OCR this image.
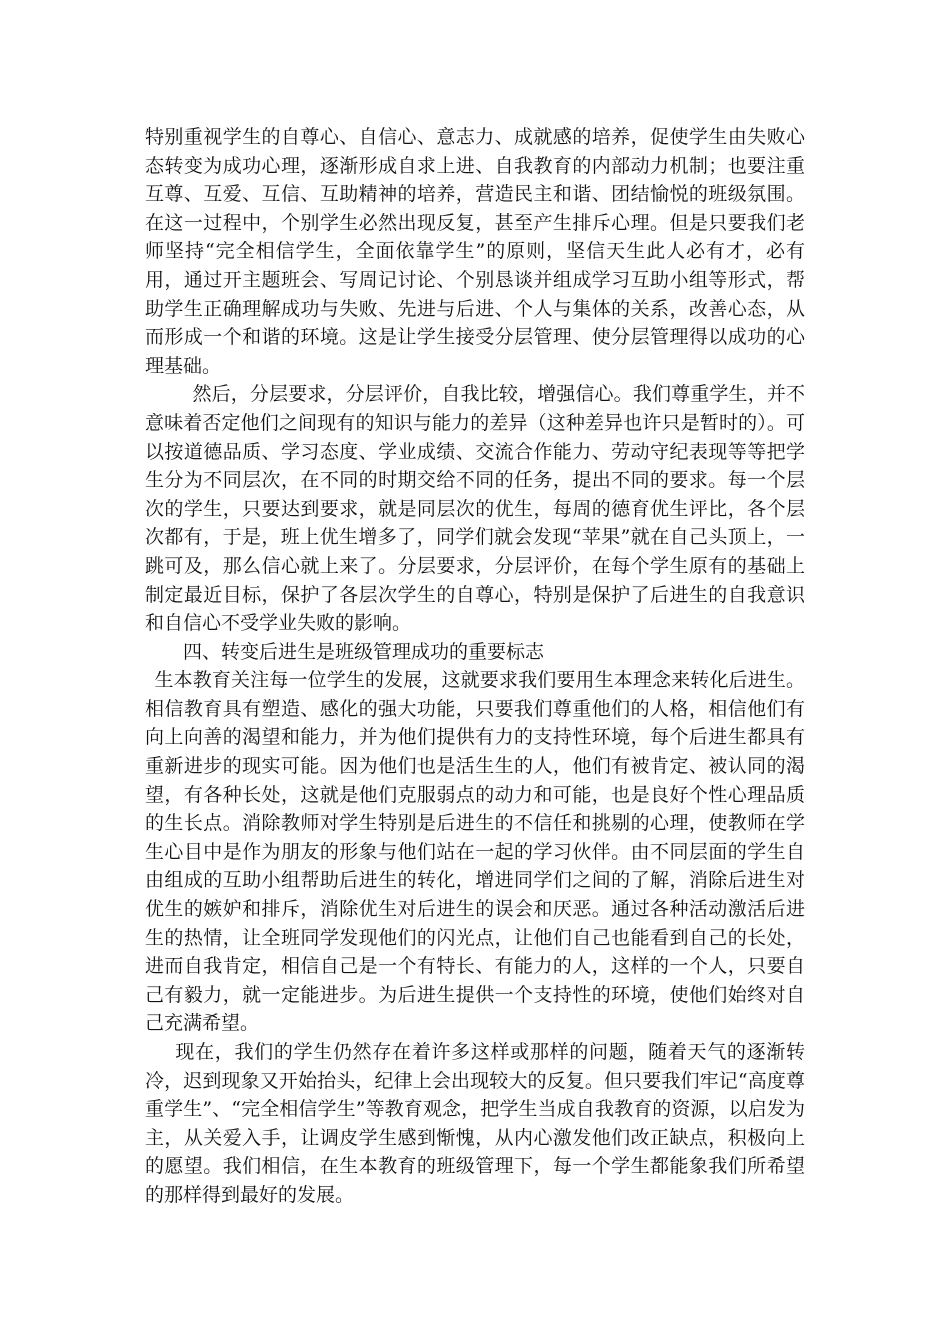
特别重视学生的自尊心、自信心、意志力、成就感的培养，促使学生由失败心态转变为成功心理，逐渐形成自求上进、自我教育的内部动力机制；也要注重互尊、互爱、互信、互助精神的培养，营造民主和谐、团结愉悦的班级氛围。在这一过程中，个别学生必然出现反复，甚至产生排斥心理。但是只要我们老师坚持“完全相信学生，全面依靠学生”的原则，坚信天生此人必有才，必有用，通过开主题班会、写周记讨论、个别恳谈并组成学习互助小组等形式，帮助学生正确理解成功与失败、先进与后进、个人与集体的关系，改善心态，从而形成一个和谐的环境。这是让学生接受分层管理、使分层管理得以成功的心理基础。

然后，分层要求，分层评价，自我比较，增强信心。我们尊重学生，并不意味着否定他们之间现有的知识与能力的差异（这种差异也许只是暂时的）。可以按道德品质、学习态度、学业成绩、交流合作能力、劳动守纪表现等等把学生分为不同层次，在不同的时期交给不同的任务，提出不同的要求。每一个层次的学生，只要达到要求，就是同层次的优生，每周的德育优生评比，各个层次都有，于是，班上优生增多了，同学们就会发现“苹果”就在自己头顶上，一跳可及，那么信心就上来了。分层要求，分层评价，在每个学生原有的基础上制定最近目标，保护了各层次学生的自尊心，特别是保护了后进生的自我意识和自信心不受学业失败的影响。

四、转变后进生是班级管理成功的重要标志

生本教育关注每一位学生的发展，这就要求我们要用生本理念来转化后进生。相信教育具有塑造、感化的强大功能，只要我们尊重他们的人格，相信他们有向上向善的渴望和能力，并为他们提供有力的支持性环境，每个后进生都具有重新进步的现实可能。因为他们也是活生生的人，他们有被肯定、被认同的渴望，有各种长处，这就是他们克服弱点的动力和可能，也是良好个性心理品质的生长点。消除教师对学生特别是后进生的不信任和挑剔的心理，使教师在学生心目中是作为朋友的形象与他们站在一起的学习伙伴。由不同层面的学生自由组成的互助小组帮助后进生的转化，增进同学们之间的了解，消除后进生对优生的嫉妒和排斥，消除优生对后进生的误会和厌恶。通过各种活动激活后进生的热情，让全班同学发现他们的闪光点，让他们自己也能看到自己的长处，进而自我肯定，相信自己是一个有特长、有能力的人，这样的一个人，只要自己有毅力，就一定能进步。为后进生提供一个支持性的环境，使他们始终对自己充满希望。

现在，我们的学生仍然存在着许多这样或那样的问题，随着天气的逐渐转冷，迟到现象又开始抬头，纪律上会出现较大的反复。但只要我们牢记“高度尊重学生”、“完全相信学生”等教育观念，把学生当成自我教育的资源，以启发为主，从关爱入手，让调皮学生感到惭愧，从内心激发他们改正缺点，积极向上的愿望。我们相信，在生本教育的班级管理下，每一个学生都能象我们所希望的那样得到最好的发展。
